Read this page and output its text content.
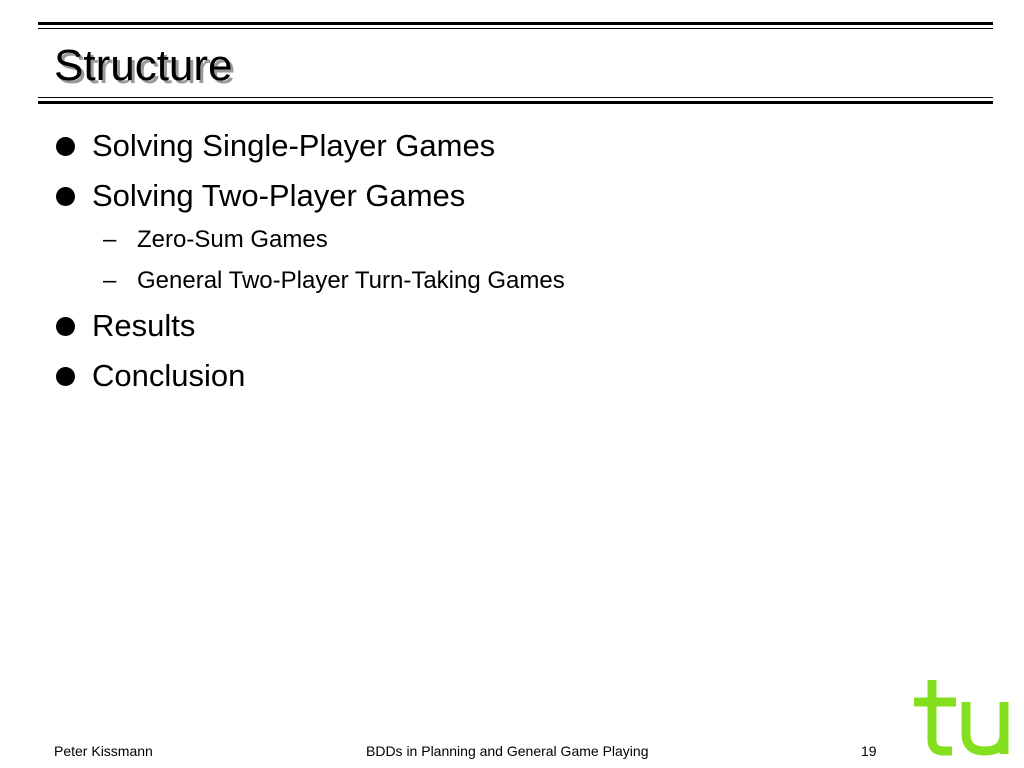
Structure
Solving Single-Player Games
Solving Two-Player Games
– Zero-Sum Games
– General Two-Player Turn-Taking Games
Results
Conclusion
Peter Kissmann	BDDs in Planning and General Game Playing	19
